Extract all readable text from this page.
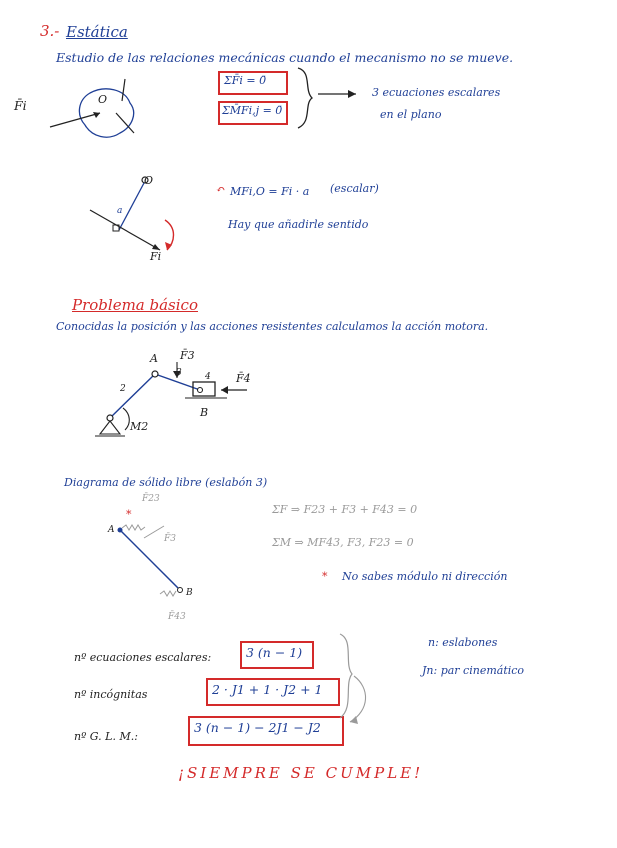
3.- Estática
Estudio de las relaciones mecánicas cuando el mecanismo no se mueve.
F̄i	O
ΣF̄i = 0̄
ΣM̄Fi,j = 0̄
3 ecuaciones escalares
en el plano
O
a
Fi
↶ MFi,O = Fi · a (escalar)
Hay que añadirle sentido
Problema básico
Conocidas la posición y las acciones resistentes calculamos la acción motora.
A F̄3
3	4 F̄4
2
B
M2
Diagrama de sólido libre (eslabón 3)
*
A
F̄23
F̄3
B
F̄43
ΣF ⇒ F23 + F3 + F43 = 0
ΣM ⇒ MF43, F3, F23 = 0
* No sabes módulo ni dirección
nº ecuaciones escalares:	3 (n − 1)
nº incógnitas	2 · J1 + 1 · J2 + 1
nº G. L. M.:
3 (n − 1) − 2J1 − J2
n: eslabones
Jn: par cinemático
¡SIEMPRE SE CUMPLE!
